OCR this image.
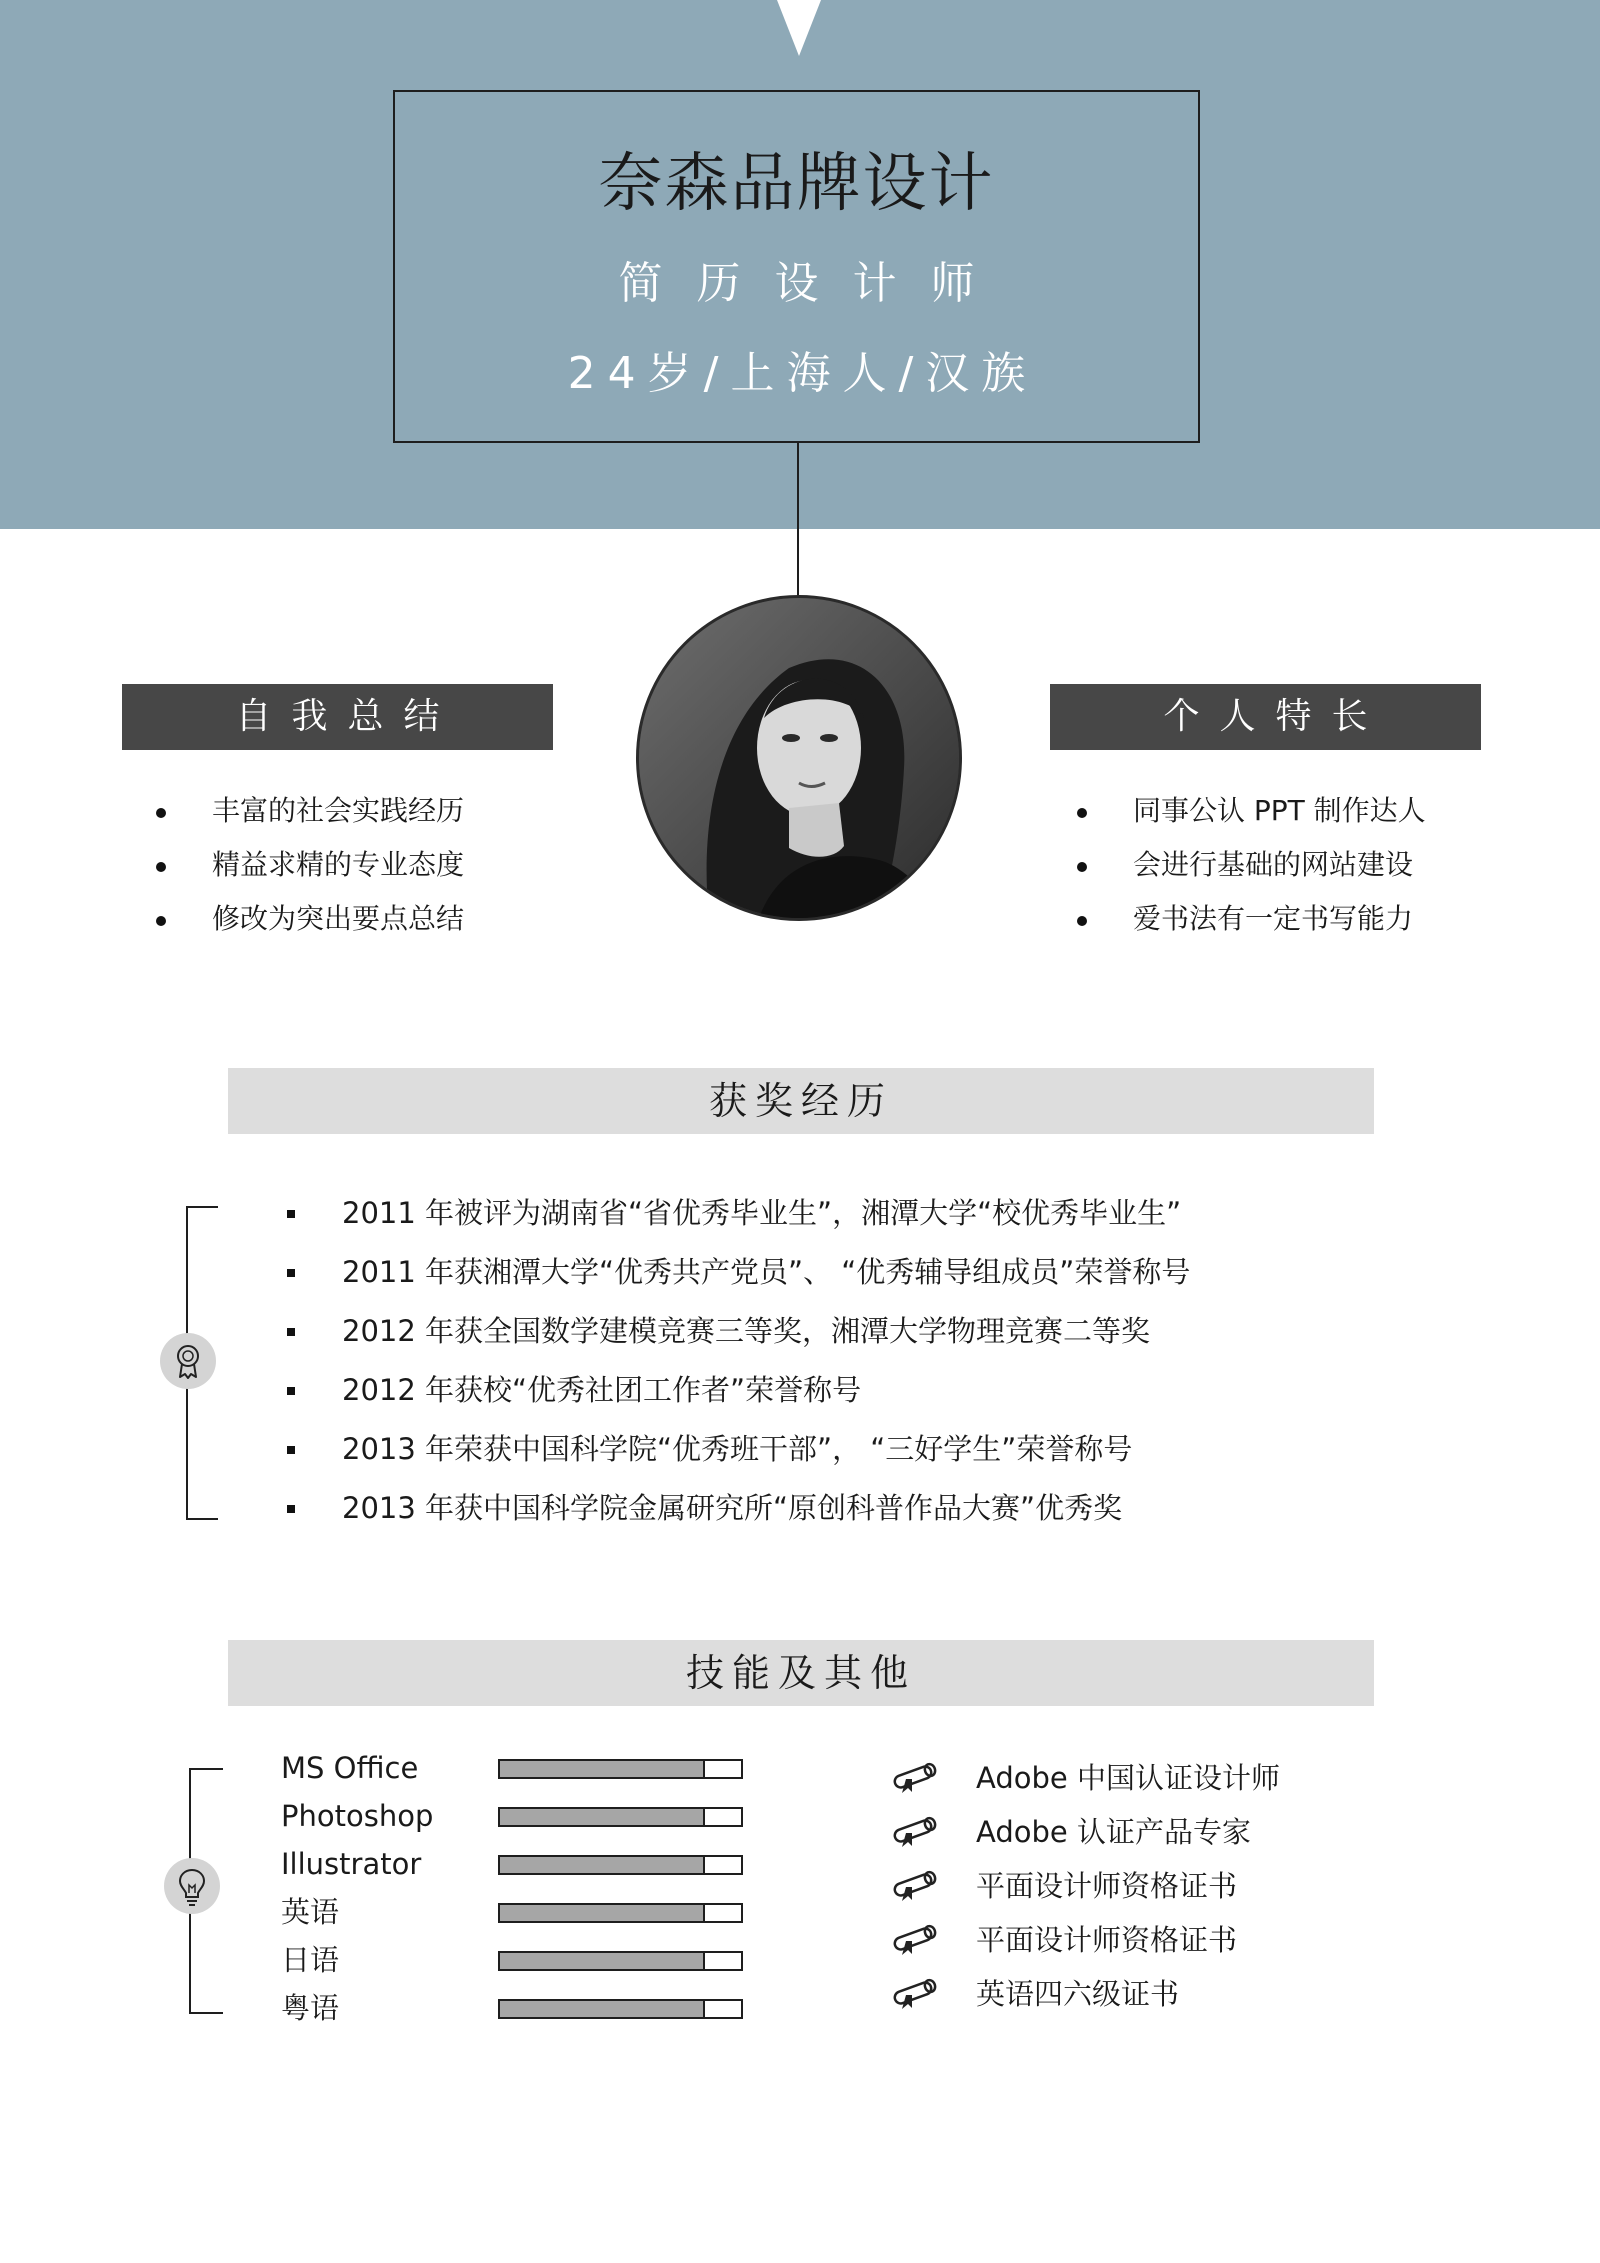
奈森品牌设计
简历设计师
24岁/上海人/汉族
自我总结
丰富的社会实践经历
精益求精的专业态度
修改为突出要点总结
个人特长
同事公认 PPT 制作达人
会进行基础的网站建设
爱书法有一定书写能力
获奖经历
2011 年被评为湖南省“省优秀毕业生”，湘潭大学“校优秀毕业生”
2011 年获湘潭大学“优秀共产党员”、 “优秀辅导组成员”荣誉称号
2012 年获全国数学建模竞赛三等奖，湘潭大学物理竞赛二等奖
2012 年获校“优秀社团工作者”荣誉称号
2013 年荣获中国科学院“优秀班干部”， “三好学生”荣誉称号
2013 年获中国科学院金属研究所“原创科普作品大赛”优秀奖
技能及其他
MS Office
Photoshop
Illustrator
英语
日语
粤语
Adobe 中国认证设计师
Adobe 认证产品专家
平面设计师资格证书
平面设计师资格证书
英语四六级证书
